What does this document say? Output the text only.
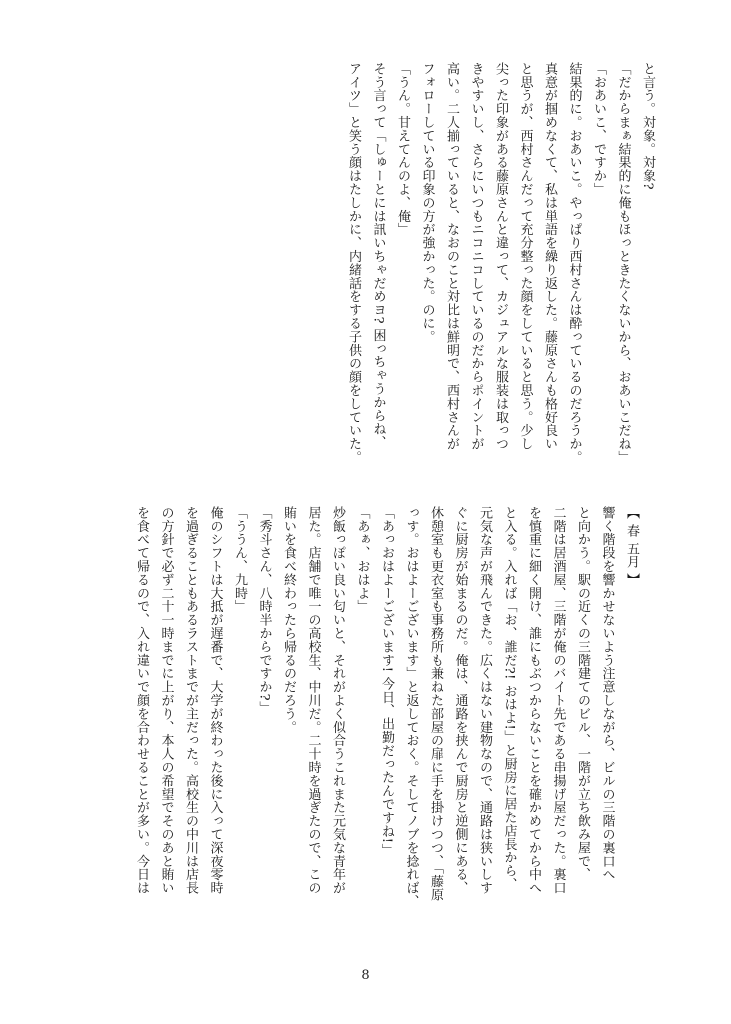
と言う。対象。対象?

「だからまぁ結果的に俺もほっときたくないから、おあいこだね」

「おあいこ、ですか」

結果的に。おあいこ。やっぱり西村さんは酔っているのだろうか。

真意が掴めなくて、私は単語を繰り返した。藤原さんも格好良い

と思うが、西村さんだって充分整った顔をしていると思う。少し

尖った印象がある藤原さんと違って、カジュアルな服装は取っつ

きやすいし、さらにいつもニコニコしているのだからポイントが

高い。二人揃っていると、なおのこと対比は鮮明で、西村さんが

フォローしている印象の方が強かった。のに。

「うん。甘えてんのよ、俺」

そう言って「しゅーとには訊いちゃだめヨ? 困っちゃうからね、

アイツ」と笑う顔はたしかに、内緒話をする子供の顔をしていた。

【 春 五月 】

響く階段を響かせないよう注意しながら、ビルの三階の裏口へ

と向かう。駅の近くの三階建てのビル、一階が立ち飲み屋で、

二階は居酒屋、三階が俺のバイト先である串揚げ屋だった。裏口

を慎重に細く開け、誰にもぶつからないことを確かめてから中へ

と入る。入れば「お、誰だ?! おはよ!」と厨房に居た店長から、

元気な声が飛んできた。広くはない建物なので、通路は狭いしす

ぐに厨房が始まるのだ。俺は、通路を挟んで厨房と逆側にある、

休憩室も更衣室も事務所も兼ねた部屋の扉に手を掛けつつ、「藤原

っす。おはよーございます」と返しておく。そしてノブを捻れば、

「あっおはよーございます! 今日、出勤だったんですね!」

「あぁ、おはよ」

炒飯っぽい良い匂いと、それがよく似合うこれまた元気な青年が

居た。店舗で唯一の高校生、中川だ。二十時を過ぎたので、この

賄いを食べ終わったら帰るのだろう。

「秀斗さん、八時半からですか?」

「ううん、九時」

俺のシフトは大抵が遅番で、大学が終わった後に入って深夜零時

を過ぎることもあるラストまでが主だった。高校生の中川は店長

の方針で必ず二十一時までに上がり、本人の希望でそのあと賄い

を食べて帰るので、入れ違いで顔を合わせることが多い。今日は

8
